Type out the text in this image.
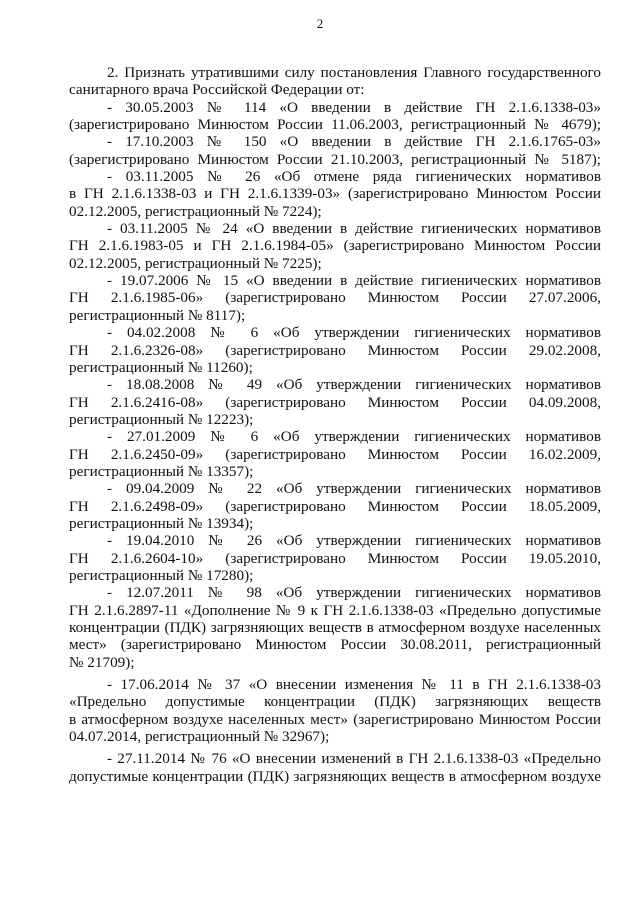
2
2. Признать утратившими силу постановления Главного государственного
санитарного врача Российской Федерации от:
- 30.05.2003 № 114 «О введении в действие ГН 2.1.6.1338-03»
(зарегистрировано Минюстом России 11.06.2003, регистрационный № 4679);
- 17.10.2003 № 150 «О введении в действие ГН 2.1.6.1765-03»
(зарегистрировано Минюстом России 21.10.2003, регистрационный № 5187);
- 03.11.2005 № 26 «Об отмене ряда гигиенических нормативов
в ГН 2.1.6.1338-03 и ГН 2.1.6.1339-03» (зарегистрировано Минюстом России
02.12.2005, регистрационный № 7224);
- 03.11.2005 № 24 «О введении в действие гигиенических нормативов
ГН 2.1.6.1983-05 и ГН 2.1.6.1984-05» (зарегистрировано Минюстом России
02.12.2005, регистрационный № 7225);
- 19.07.2006 № 15 «О введении в действие гигиенических нормативов
ГН 2.1.6.1985-06» (зарегистрировано Минюстом России 27.07.2006,
регистрационный № 8117);
- 04.02.2008 № 6 «Об утверждении гигиенических нормативов
ГН 2.1.6.2326-08» (зарегистрировано Минюстом России 29.02.2008,
регистрационный № 11260);
- 18.08.2008 № 49 «Об утверждении гигиенических нормативов
ГН 2.1.6.2416-08» (зарегистрировано Минюстом России 04.09.2008,
регистрационный № 12223);
- 27.01.2009 № 6 «Об утверждении гигиенических нормативов
ГН 2.1.6.2450-09» (зарегистрировано Минюстом России 16.02.2009,
регистрационный № 13357);
- 09.04.2009 № 22 «Об утверждении гигиенических нормативов
ГН 2.1.6.2498-09» (зарегистрировано Минюстом России 18.05.2009,
регистрационный № 13934);
- 19.04.2010 № 26 «Об утверждении гигиенических нормативов
ГН 2.1.6.2604-10» (зарегистрировано Минюстом России 19.05.2010,
регистрационный № 17280);
- 12.07.2011 № 98 «Об утверждении гигиенических нормативов
ГН 2.1.6.2897-11 «Дополнение № 9 к ГН 2.1.6.1338-03 «Предельно допустимые
концентрации (ПДК) загрязняющих веществ в атмосферном воздухе населенных
мест» (зарегистрировано Минюстом России 30.08.2011, регистрационный
№ 21709);
- 17.06.2014 № 37 «О внесении изменения № 11 в ГН 2.1.6.1338-03
«Предельно допустимые концентрации (ПДК) загрязняющих веществ
в атмосферном воздухе населенных мест» (зарегистрировано Минюстом России
04.07.2014, регистрационный № 32967);
- 27.11.2014 № 76 «О внесении изменений в ГН 2.1.6.1338-03 «Предельно
допустимые концентрации (ПДК) загрязняющих веществ в атмосферном воздухе
